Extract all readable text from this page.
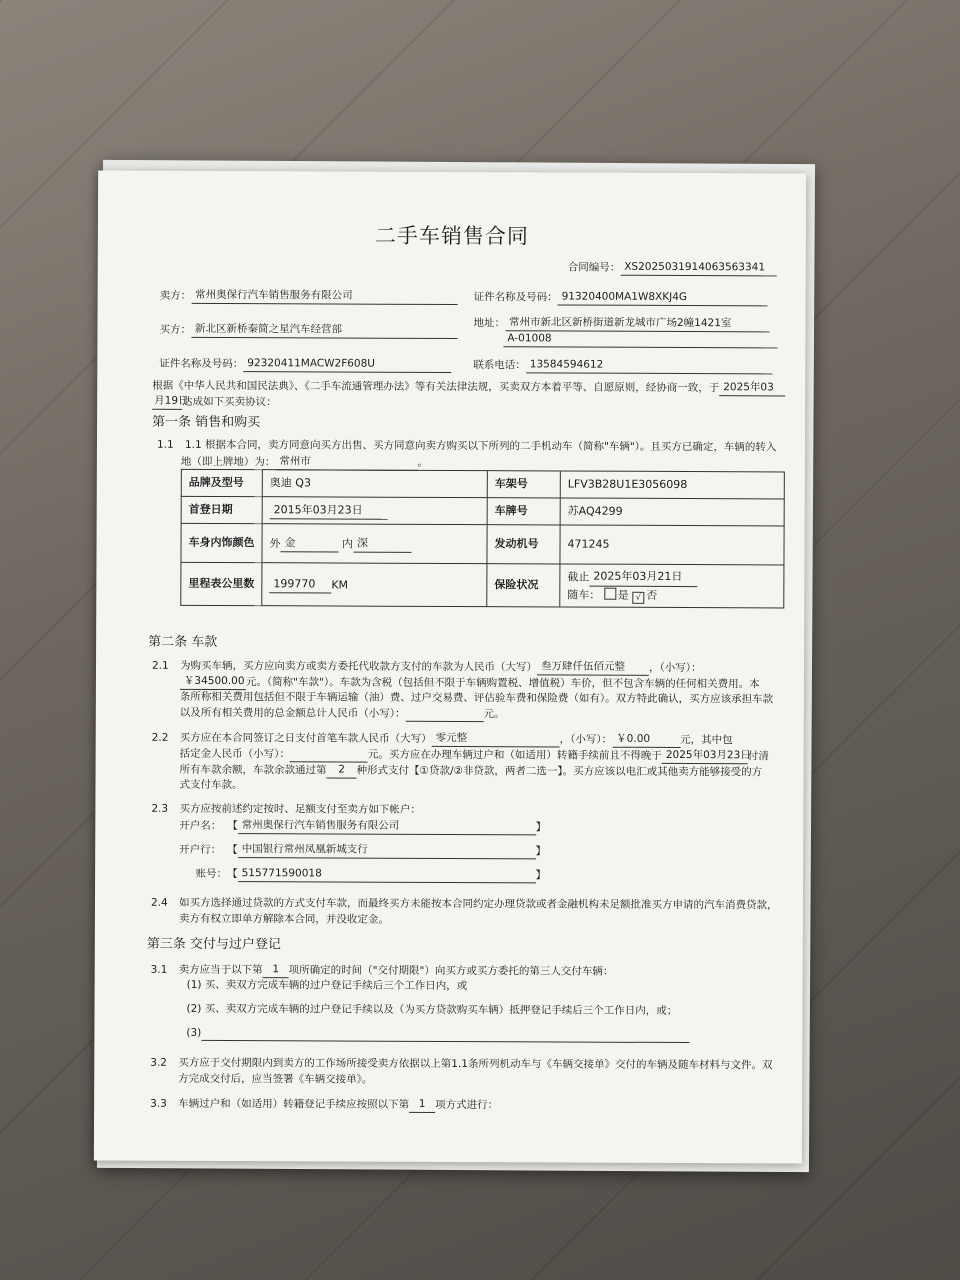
二手车销售合同
合同编号： XS2025031914063563341
卖方： 常州奥保行汽车销售服务有限公司	证件名称及号码： 91320400MA1W8XKJ4G
买方： 新北区新桥秦简之星汽车经营部	地址： 常州市新北区新桥街道新龙城市广场2幢1421室
A-01008
证件名称及号码： 92320411MACW2F608U	联系电话： 13584594612
根据《中华人民共和国民法典》、《二手车流通管理办法》等有关法律法规，买卖双方本着平等、自愿原则，经协商一致，于 2025年03
月19日达成如下买卖协议：
第一条 销售和购买
1.1 1.1 根据本合同，卖方同意向买方出售、买方同意向卖方购买以下所列的二手机动车（简称"车辆"）。且买方已确定，车辆的转入
地（即上牌地）为： 常州市	。
品牌及型号	奥迪 Q3	车架号	LFV3B28U1E3056098
首登日期	2015年03月23日	车牌号	苏AQ4299
车身内饰颜色	外 金 内 深	发动机号	471245
里程表公里数	199770 KM	保险状况	截止 2025年03月21日
随车： 是 √ 否
第二条 车款
2.1 为购买车辆，买方应向卖方或卖方委托代收款方支付的车款为人民币（大写） 叁万肆仟伍佰元整 ，（小写）：
￥34500.00元。（简称"车款"）。车款为含税（包括但不限于车辆购置税、增值税）车价，但不包含车辆的任何相关费用。本
条所称相关费用包括但不限于车辆运输（油）费、过户交易费、评估验车费和保险费（如有）。双方特此确认，买方应该承担车款
以及所有相关费用的总金额总计人民币（小写）：	元。
2.2 买方应在本合同签订之日支付首笔车款人民币（大写） 零元整	，（小写）： ￥0.00	元，其中包
括定金人民币（小写）：	元。买方应在办理车辆过户和（如适用）转籍手续前且不得晚于 2025年03月23日付清
所有车款余额，车款余款通过第 2 种形式支付【①贷款/②非贷款，两者二选一】。买方应该以电汇或其他卖方能够接受的方
式支付车款。
2.3 买方应按前述约定按时、足额支付至卖方如下帐户：
开户名： 【 常州奥保行汽车销售服务有限公司	】
开户行： 【 中国银行常州凤凰新城支行	】
账号：【 515771590018	】
2.4 如买方选择通过贷款的方式支付车款，而最终买方未能按本合同约定办理贷款或者金融机构未足额批准买方申请的汽车消费贷款，
卖方有权立即单方解除本合同，并没收定金。
第三条 交付与过户登记
3.1 卖方应当于以下第 1 项所确定的时间（"交付期限"）向买方或买方委托的第三人交付车辆：
(1) 买、卖双方完成车辆的过户登记手续后三个工作日内，或
(2) 买、卖双方完成车辆的过户登记手续以及（为买方贷款购买车辆）抵押登记手续后三个工作日内，或；
(3)
3.2 买方应于交付期限内到卖方的工作场所接受卖方依据以上第1.1条所列机动车与《车辆交接单》交付的车辆及随车材料与文件。双
方完成交付后，应当签署《车辆交接单》。
3.3 车辆过户和（如适用）转籍登记手续应按照以下第 1 项方式进行：
